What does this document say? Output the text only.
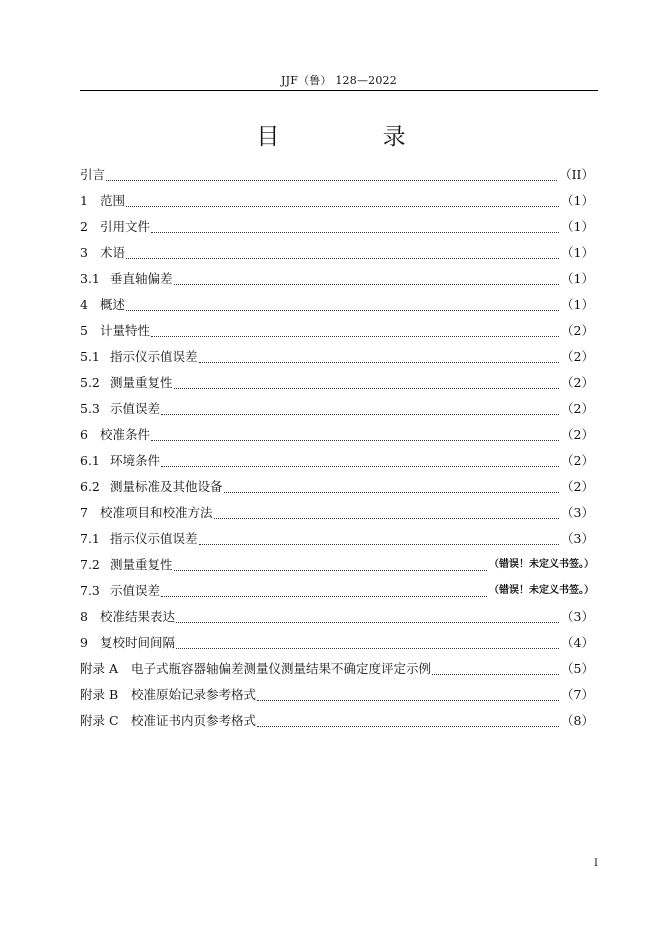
JJF（鲁） 128—2022
目 录
引言	（II）
1 范围	（1）
2 引用文件	（1）
3 术语	（1）
3.1 垂直轴偏差	（1）
4 概述	（1）
5 计量特性	（2）
5.1 指示仪示值误差	（2）
5.2 测量重复性	（2）
5.3 示值误差	（2）
6 校准条件	（2）
6.1 环境条件	（2）
6.2 测量标准及其他设备	（2）
7 校准项目和校准方法	（3）
7.1 指示仪示值误差	（3）
7.2 测量重复性	（错误！未定义书签。）
7.3 示值误差	（错误！未定义书签。）
8 校准结果表达	（3）
9 复校时间间隔	（4）
附录 A	电子式瓶容器轴偏差测量仪测量结果不确定度评定示例	（5）
附录 B	校准原始记录参考格式	（7）
附录 C 校准证书内页参考格式	（8）
I
